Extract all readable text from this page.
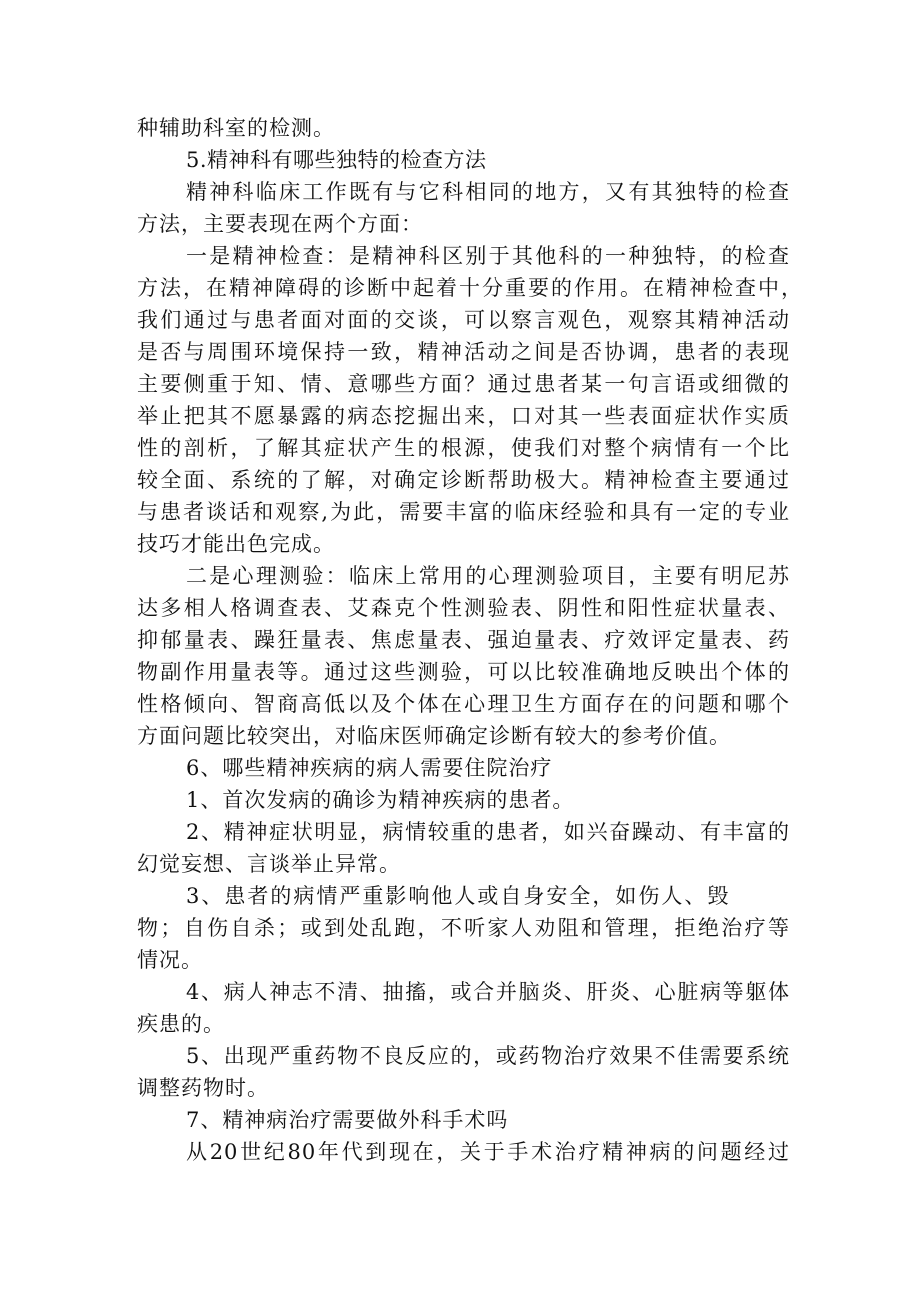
种辅助科室的检测。
5.精神科有哪些独特的检查方法
精神科临床工作既有与它科相同的地方，又有其独特的检查
方法，主要表现在两个方面：
一是精神检查：是精神科区别于其他科的一种独特，的检查
方法，在精神障碍的诊断中起着十分重要的作用。在精神检查中，
我们通过与患者面对面的交谈，可以察言观色，观察其精神活动
是否与周围环境保持一致，精神活动之间是否协调，患者的表现
主要侧重于知、情、意哪些方面？通过患者某一句言语或细微的
举止把其不愿暴露的病态挖掘出来，口对其一些表面症状作实质
性的剖析，了解其症状产生的根源，使我们对整个病情有一个比
较全面、系统的了解，对确定诊断帮助极大。精神检查主要通过
与患者谈话和观察,为此，需要丰富的临床经验和具有一定的专业
技巧才能出色完成。
二是心理测验：临床上常用的心理测验项目，主要有明尼苏
达多相人格调查表、艾森克个性测验表、阴性和阳性症状量表、
抑郁量表、躁狂量表、焦虑量表、强迫量表、疗效评定量表、药
物副作用量表等。通过这些测验，可以比较准确地反映出个体的
性格倾向、智商高低以及个体在心理卫生方面存在的问题和哪个
方面问题比较突出，对临床医师确定诊断有较大的参考价值。
6、哪些精神疾病的病人需要住院治疗
1、首次发病的确诊为精神疾病的患者。
2、精神症状明显，病情较重的患者，如兴奋躁动、有丰富的
幻觉妄想、言谈举止异常。
3、患者的病情严重影响他人或自身安全，如伤人、毁
物；自伤自杀；或到处乱跑，不听家人劝阻和管理，拒绝治疗等
情况。
4、病人神志不清、抽搐，或合并脑炎、肝炎、心脏病等躯体
疾患的。
5、出现严重药物不良反应的，或药物治疗效果不佳需要系统
调整药物时。
7、精神病治疗需要做外科手术吗
从20世纪80年代到现在，关于手术治疗精神病的问题经过
